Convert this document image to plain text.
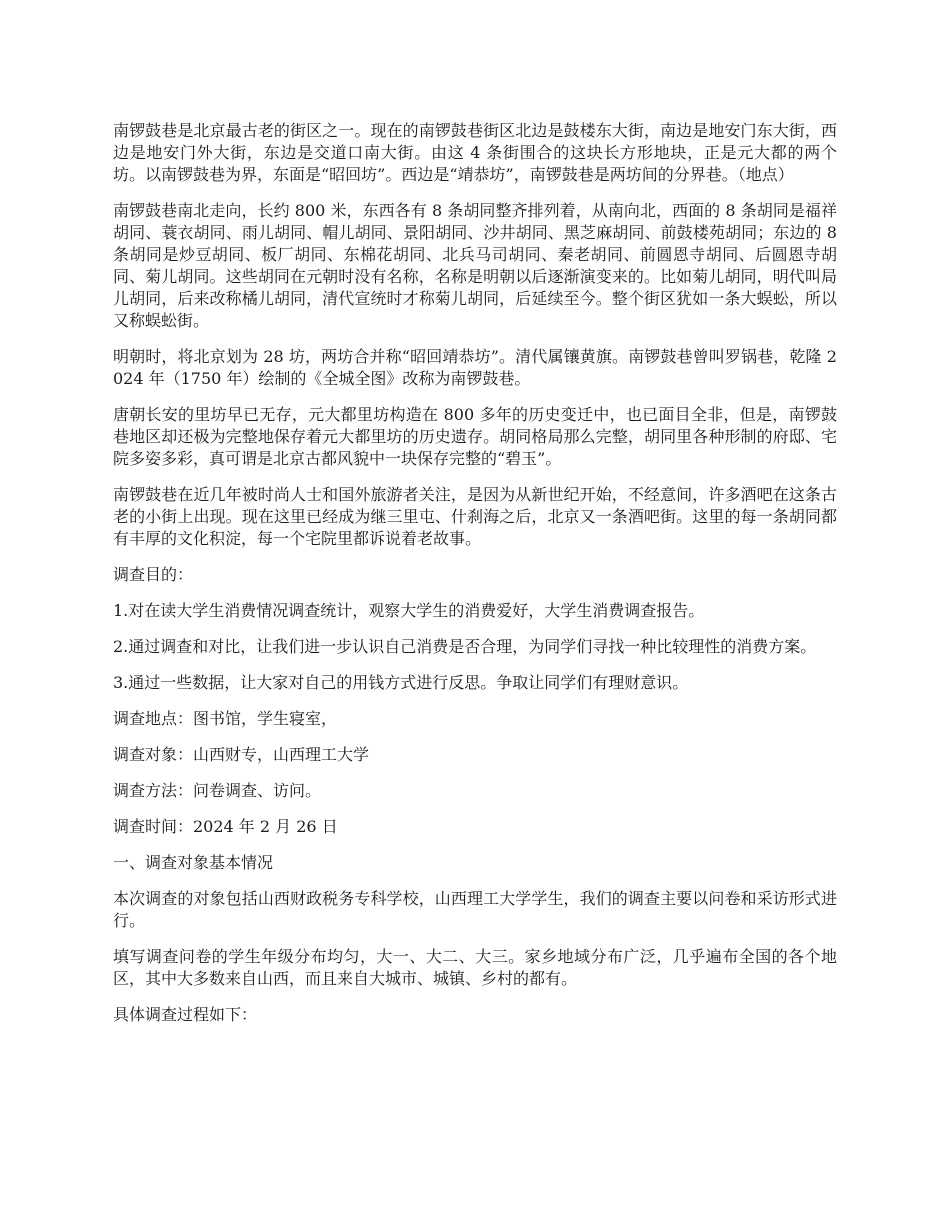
南锣鼓巷是北京最古老的街区之一。现在的南锣鼓巷街区北边是鼓楼东大街，南边是地安门东大街，西边是地安门外大街，东边是交道口南大街。由这 4 条街围合的这块长方形地块，正是元大都的两个坊。以南锣鼓巷为界，东面是“昭回坊”。西边是“靖恭坊”，南锣鼓巷是两坊间的分界巷。（地点）

南锣鼓巷南北走向，长约 800 米，东西各有 8 条胡同整齐排列着，从南向北，西面的 8 条胡同是福祥胡同、蓑衣胡同、雨儿胡同、帽儿胡同、景阳胡同、沙井胡同、黑芝麻胡同、前鼓楼苑胡同；东边的 8 条胡同是炒豆胡同、板厂胡同、东棉花胡同、北兵马司胡同、秦老胡同、前圆恩寺胡同、后圆恩寺胡同、菊儿胡同。这些胡同在元朝时没有名称，名称是明朝以后逐渐演变来的。比如菊儿胡同，明代叫局儿胡同，后来改称橘儿胡同，清代宣统时才称菊儿胡同，后延续至今。整个街区犹如一条大蜈蚣，所以又称蜈蚣街。

明朝时，将北京划为 28 坊，两坊合并称“昭回靖恭坊”。清代属镶黄旗。南锣鼓巷曾叫罗锅巷，乾隆 2024 年（1750 年）绘制的《全城全图》改称为南锣鼓巷。

唐朝长安的里坊早已无存，元大都里坊构造在 800 多年的历史变迁中，也已面目全非，但是，南锣鼓巷地区却还极为完整地保存着元大都里坊的历史遗存。胡同格局那么完整，胡同里各种形制的府邸、宅院多姿多彩，真可谓是北京古都风貌中一块保存完整的“碧玉”。

南锣鼓巷在近几年被时尚人士和国外旅游者关注，是因为从新世纪开始，不经意间，许多酒吧在这条古老的小街上出现。现在这里已经成为继三里屯、什刹海之后，北京又一条酒吧街。这里的每一条胡同都有丰厚的文化积淀，每一个宅院里都诉说着老故事。

调查目的：

1.对在读大学生消费情况调查统计，观察大学生的消费爱好，大学生消费调查报告。

2.通过调查和对比，让我们进一步认识自己消费是否合理，为同学们寻找一种比较理性的消费方案。

3.通过一些数据，让大家对自己的用钱方式进行反思。争取让同学们有理财意识。

调查地点：图书馆，学生寝室，

调查对象：山西财专，山西理工大学

调查方法：问卷调查、访问。

调查时间：2024 年 2 月 26 日

一、调查对象基本情况

本次调查的对象包括山西财政税务专科学校，山西理工大学学生，我们的调查主要以问卷和采访形式进行。

填写调查问卷的学生年级分布均匀，大一、大二、大三。家乡地域分布广泛，几乎遍布全国的各个地区，其中大多数来自山西，而且来自大城市、城镇、乡村的都有。

具体调查过程如下：
